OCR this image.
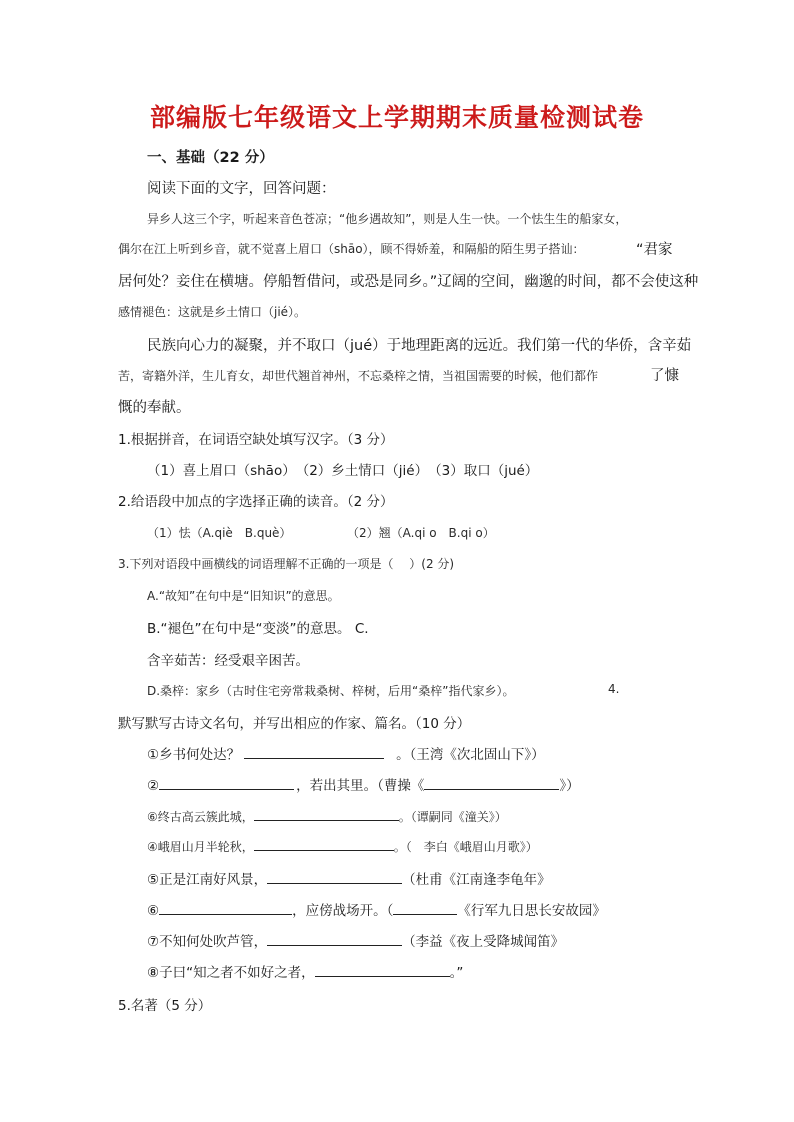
部编版七年级语文上学期期末质量检测试卷
一、基础（22 分）
阅读下面的文字，回答问题：
异乡人这三个字，听起来音色苍凉；“他乡遇故知”，则是人生一快。一个怯生生的船家女，
偶尔在江上听到乡音，就不觉喜上眉口（shāo），顾不得娇羞，和隔船的陌生男子搭讪：	“君家
居何处？妾住在横塘。停船暂借问，或恐是同乡。”辽阔的空间，幽邈的时间，都不会使这种
感情褪色：这就是乡土情口（jié）。
民族向心力的凝聚，并不取口（jué）于地理距离的远近。我们第一代的华侨，含辛茹
苦，寄籍外洋，生儿育女，却世代翘首神州，不忘桑梓之情，当祖国需要的时候，他们都作	了慷
慨的奉献。
1.根据拼音，在词语空缺处填写汉字。（3 分）
（1）喜上眉口（shāo）　（2）乡土情口（jié）　（3）取口（jué）
2.给语段中加点的字选择正确的读音。（2 分）
（1）怯（A.qiè　B.què）	（2）翘（A.qi o　B.qi o）
3.下列对语段中画横线的词语理解不正确的一项是（　 ）(2 分)
A.“故知”在句中是“旧知识”的意思。
B.“褪色”在句中是“变淡”的意思。 C.
含辛茹苦：经受艰辛困苦。
D.桑梓：家乡（古时住宅旁常栽桑树、梓树，后用“桑梓”指代家乡）。	4.
默写默写古诗文名句，并写出相应的作家、篇名。（10 分）
①乡书何处达？	。（王湾《次北固山下》）
②	，若出其里。（曹操《	》）
⑥终古高云簇此城，	。（谭嗣同《潼关》）
④峨眉山月半轮秋，	。（　李白《峨眉山月歌》）
⑤正是江南好风景，	（杜甫《江南逢李龟年》
⑥	，应傍战场开。（	《行军九日思长安故园》
⑦不知何处吹芦管，	（李益《夜上受降城闻笛》
⑧子曰“知之者不如好之者，	。”
5.名著（5 分）
